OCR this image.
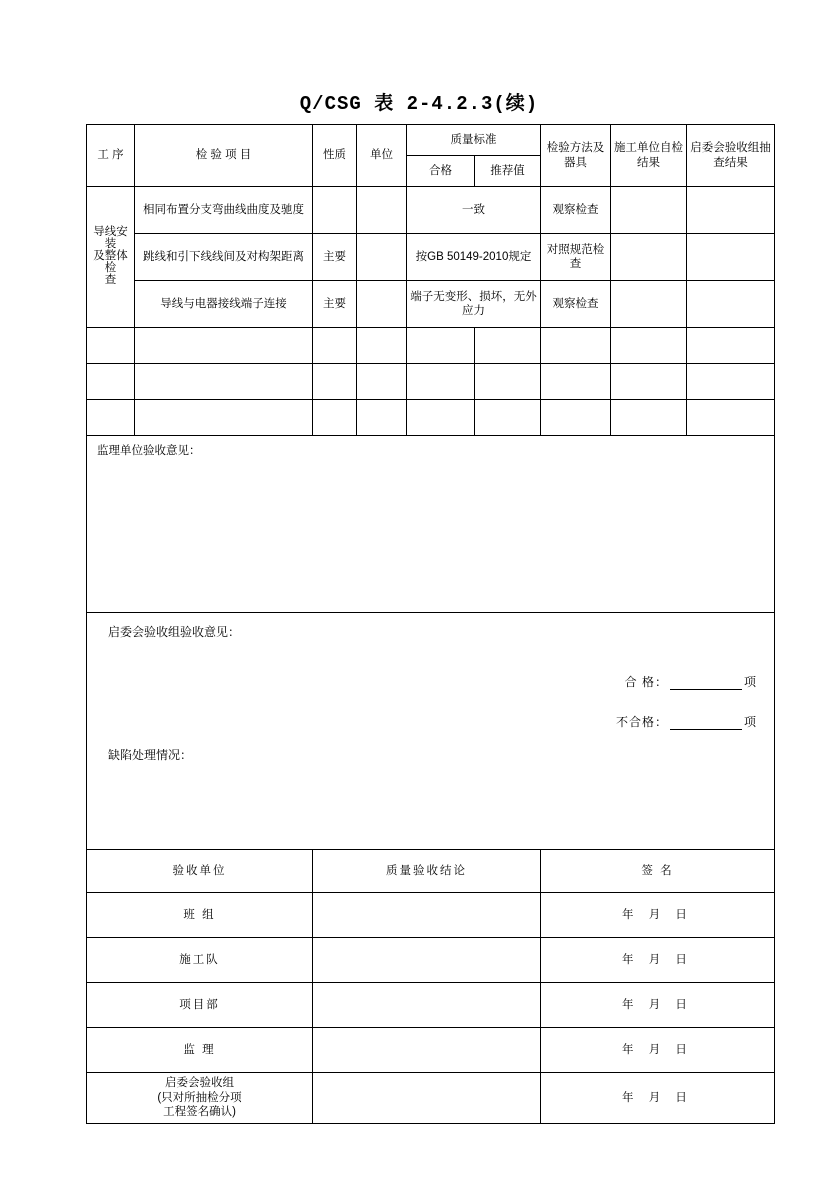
Q/CSG 表 2-4.2.3(续)
工 序	检 验 项 目	性质	单位	质量标准		检验方法及器具	施工单位自检结果	启委会验收组抽查结果
				合格	推荐值			
导线安装
及整体检
查	相同布置分支弯曲线曲度及驰度			一致		观察检查		
	跳线和引下线线间及对构架距离	主要		按GB 50149-2010规定		对照规范检查		
	导线与电器接线端子连接	主要		端子无变形、损坏，无外应力		观察检查		

监理单位验收意见：								

启委会验收组验收意见：
合 格： 项
不合格： 项
缺陷处理情况：								

验收单位		质量验收结论				签 名		
班 组						年 月 日		
施工队						年 月 日		
项目部						年 月 日		
监 理						年 月 日		
启委会验收组
(只对所抽检分项
工程签名确认)						年 月 日		
